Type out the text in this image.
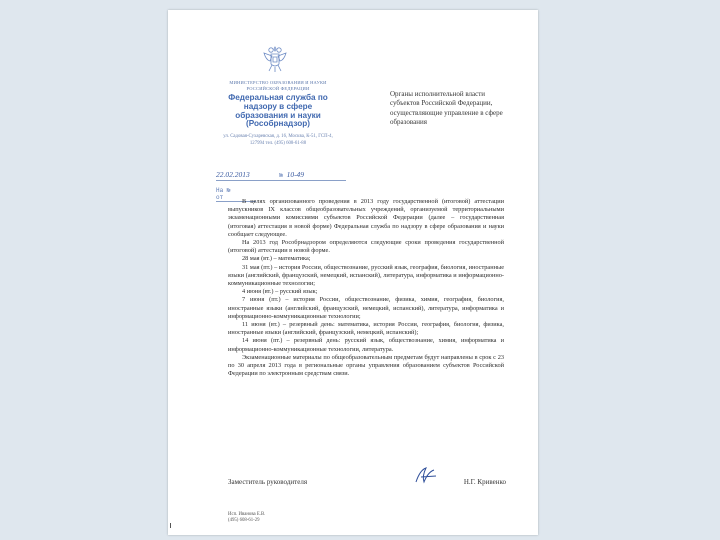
МИНИСТЕРСТВО ОБРАЗОВАНИЯ И НАУКИ РОССИЙСКОЙ ФЕДЕРАЦИИ
Федеральная служба по надзору в сфере образования и науки (Рособрнадзор)
ул. Садовая-Сухаревская, д. 16, Москва, К-51, ГСП-4, 127994 тел. (495) 608-61-88
22.02.2013	№ 10-49
На №  от
Органы исполнительной власти субъектов Российской Федерации, осуществляющие управление в сфере образования

В целях организованного проведения в 2013 году государственной (итоговой) аттестации выпускников IX классов общеобразовательных учреждений, организуемой территориальными экзаменационными комиссиями субъектов Российской Федерации (далее – государственная (итоговая) аттестация в новой форме) Федеральная служба по надзору в сфере образования и науки сообщает следующее.

На 2013 год Рособрнадзором определяются следующие сроки проведения государственной (итоговой) аттестации в новой форме.

28 мая (вт.) – математика;

31 мая (пт.) – история России, обществознание, русский язык, география, биология, иностранные языки (английский, французский, немецкий, испанский), литература, информатика и информационно-коммуникационные технологии;

4 июня (вт.) – русский язык;

7 июня (пт.) – история России, обществознание, физика, химия, география, биология, иностранные языки (английский, французский, немецкий, испанский), литература, информатика и информационно-коммуникационные технологии;

11 июня (вт.) – резервный день: математика, история России, география, биология, физика, иностранные языки (английский, французский, немецкий, испанский);

14 июня (пт.) – резервный день: русский язык, обществознание, химия, информатика и информационно-коммуникационные технологии, литература.

Экзаменационные материалы по общеобразовательным предметам будут направлены в срок с 23 по 30 апреля 2013 года в региональные органы управления образованием субъектов Российской Федерации по электронным средствам связи.

Заместитель руководителя	Н.Г. Кривенко
Исп. Иванова Е.В.
(495) 608-61-29
